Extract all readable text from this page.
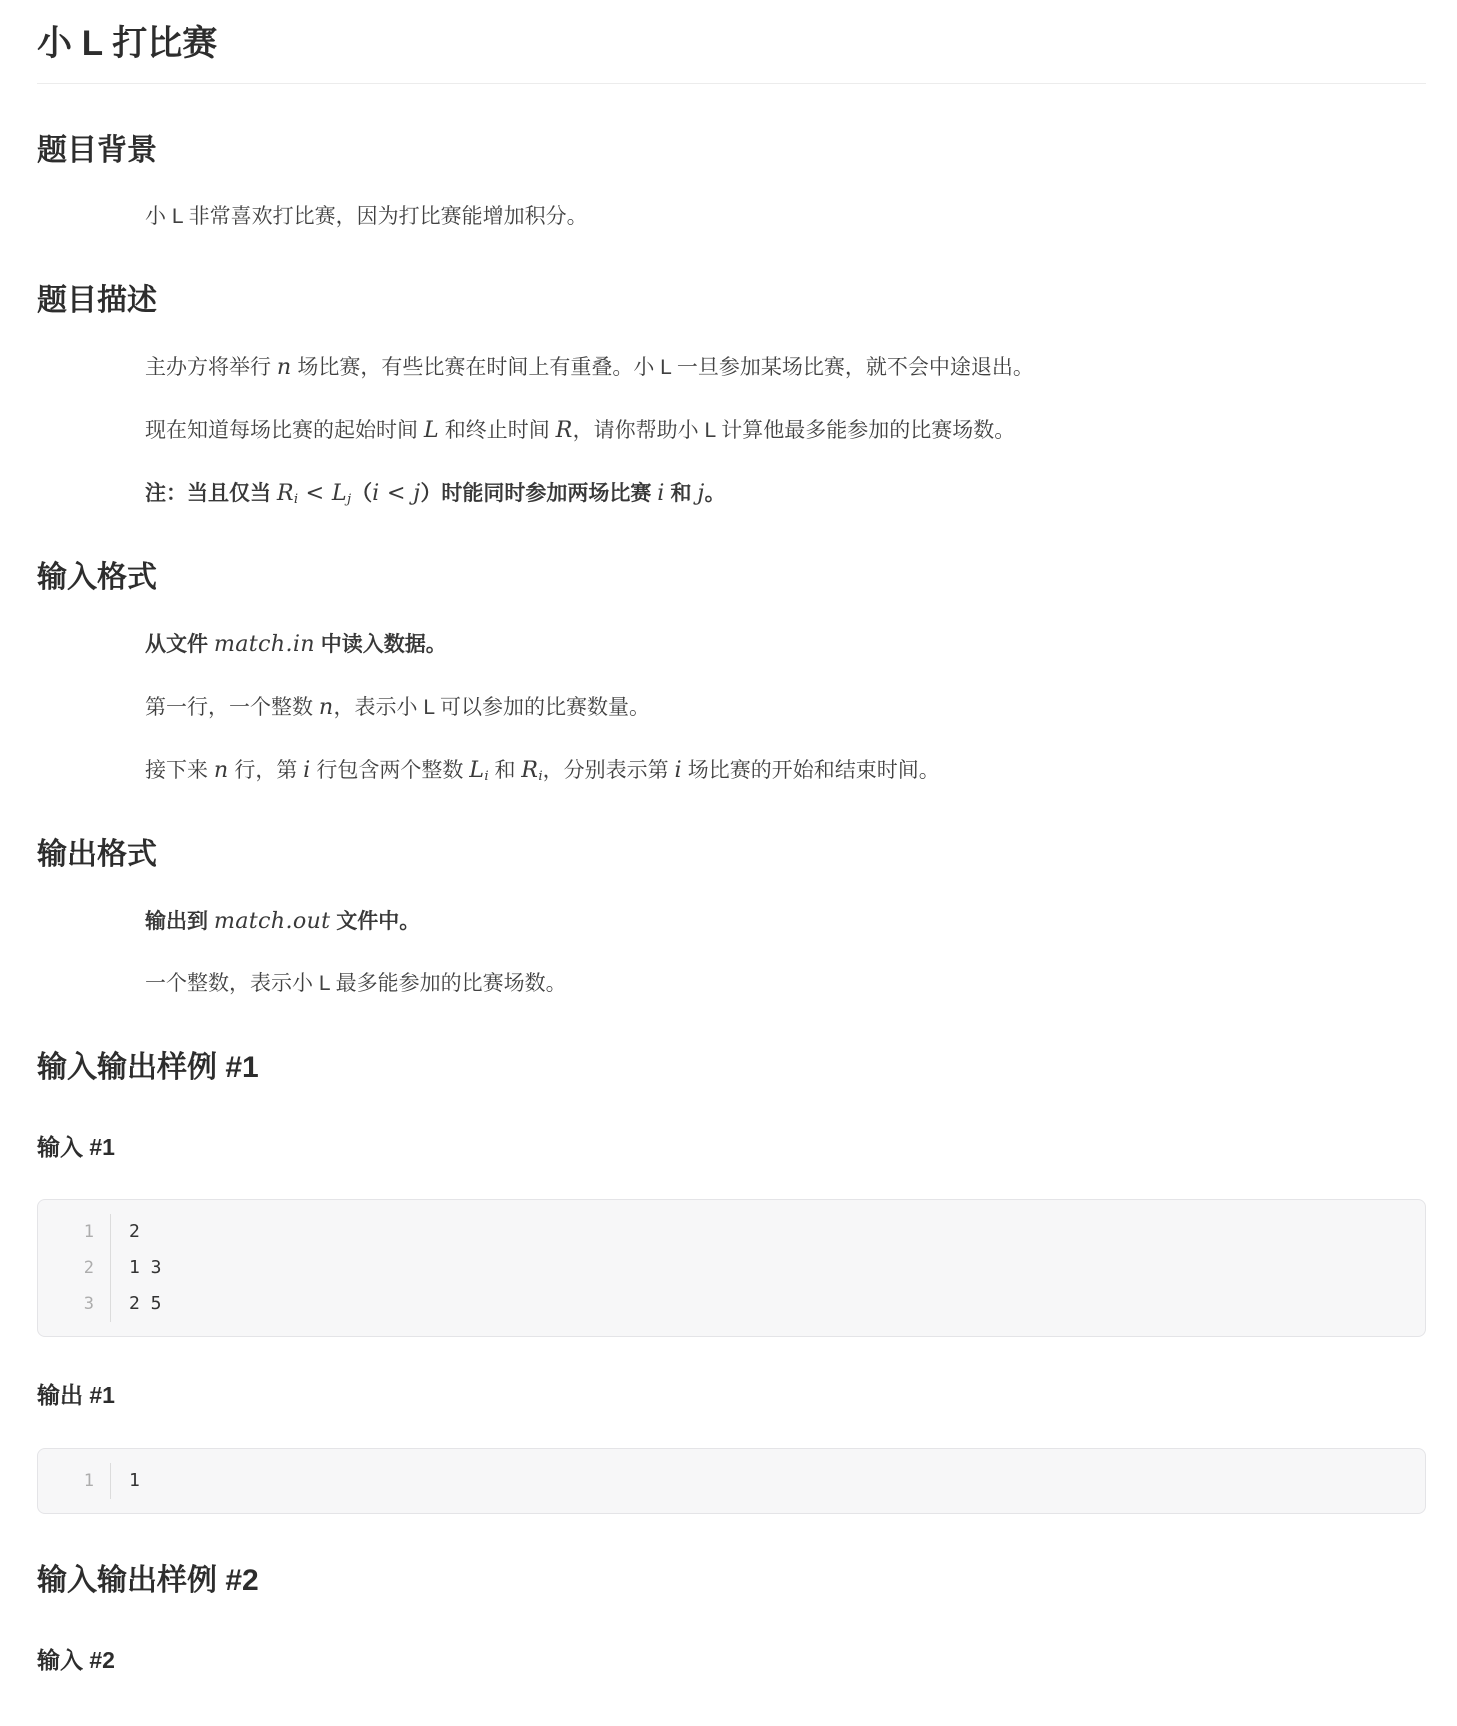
小 L 打比赛
题目背景

小 L 非常喜欢打比赛，因为打比赛能增加积分。

题目描述

主办方将举行 n 场比赛，有些比赛在时间上有重叠。小 L 一旦参加某场比赛，就不会中途退出。

现在知道每场比赛的起始时间 L 和终止时间 R，请你帮助小 L 计算他最多能参加的比赛场数。

注：当且仅当 $R_i < L_j(i < j)$时能同时参加两场比赛 i 和 j。

输入格式

从文件 match.in 中读入数据。

第一行，一个整数 n，表示小 L 可以参加的比赛数量。

接下来 n 行，第 i 行包含两个整数 $L_i$ 和 $R_i$，分别表示第 i 场比赛的开始和结束时间。

输出格式

输出到 match.out 文件中。

一个整数，表示小 L 最多能参加的比赛场数。

输入输出样例 #1
输入 #1
1	2
2	1 3
3	2 5
输出 #1
1	1
输入输出样例 #2
输入 #2
